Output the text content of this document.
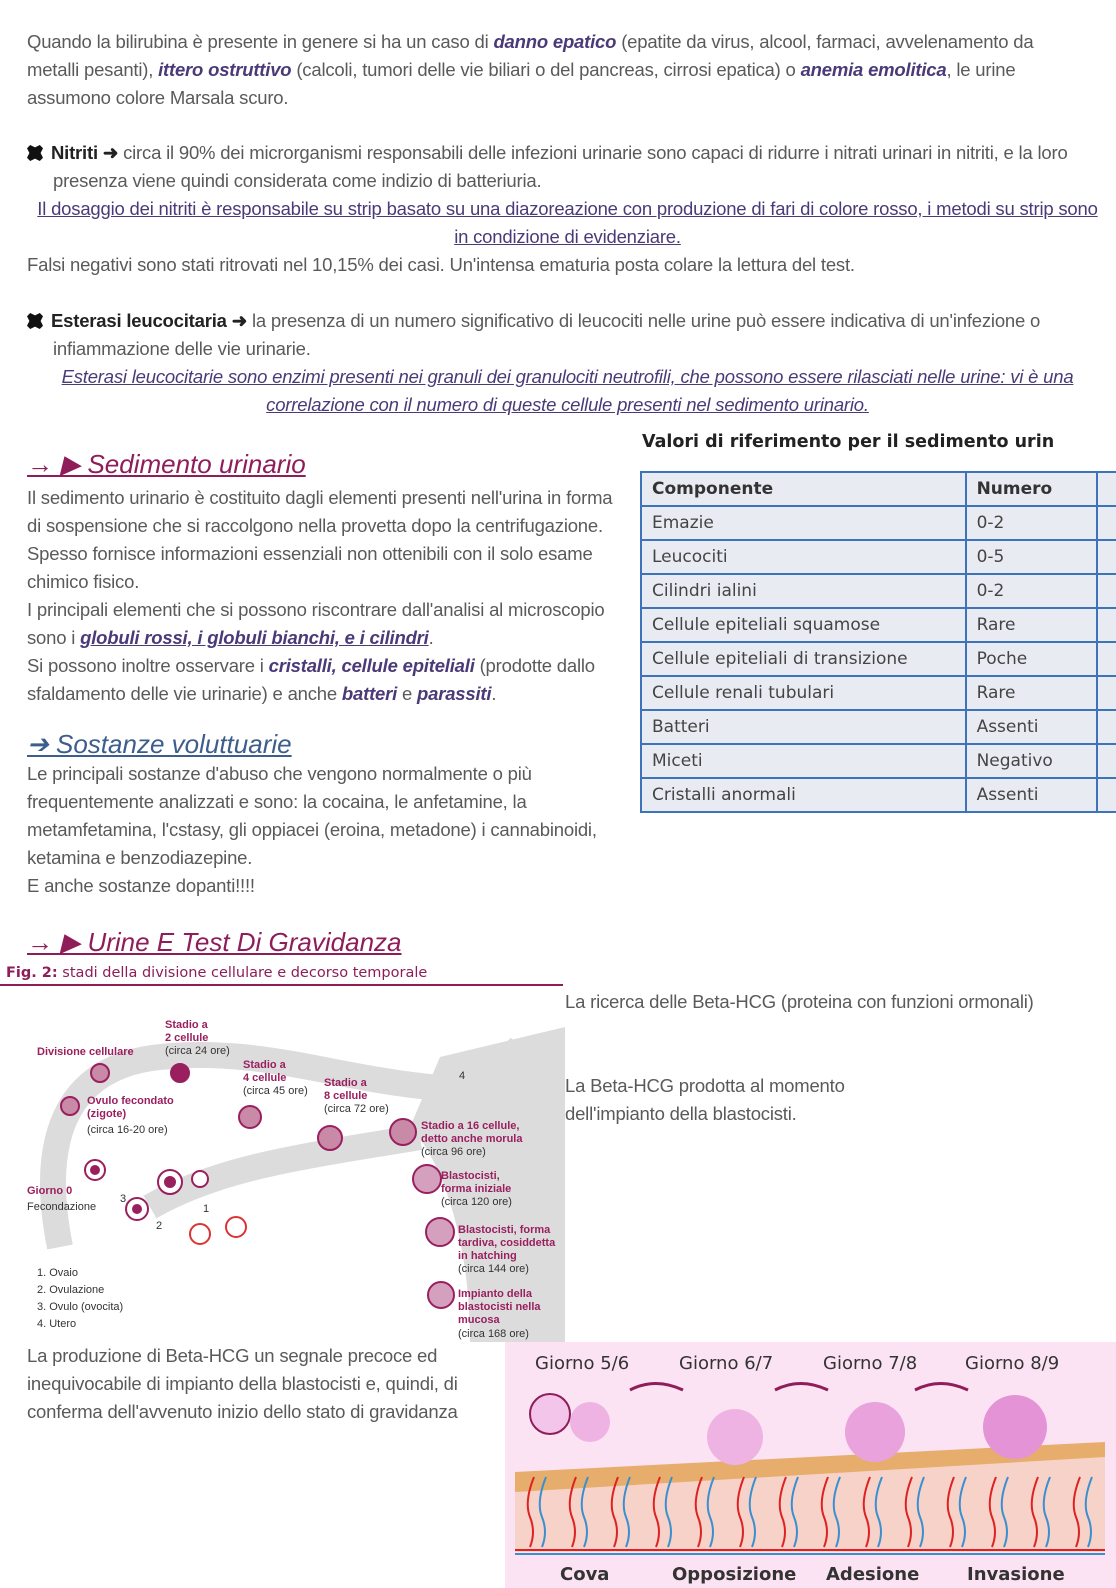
Quando la bilirubina è presente in genere si ha un caso di danno epatico (epatite da virus, alcool, farmaci, avvelenamento da metalli pesanti), ittero ostruttivo (calcoli, tumori delle vie biliari o del pancreas, cirrosi epatica) o anemia emolitica, le urine assumono colore Marsala scuro.
Nitriti ➜ circa il 90% dei microrganismi responsabili delle infezioni urinarie sono capaci di ridurre i nitrati urinari in nitriti, e la loro presenza viene quindi considerata come indizio di batteriuria.
Il dosaggio dei nitriti è responsabile su strip basato su una diazoreazione con produzione di fari di colore rosso, i metodi su strip sono in condizione di evidenziare.
Falsi negativi sono stati ritrovati nel 10,15% dei casi. Un'intensa ematuria posta colare la lettura del test.
Esterasi leucocitaria ➜ la presenza di un numero significativo di leucociti nelle urine può essere indicativa di un'infezione o infiammazione delle vie urinarie.
Esterasi leucocitarie sono enzimi presenti nei granuli dei granulociti neutrofili, che possono essere rilasciati nelle urine: vi è una correlazione con il numero di queste cellule presenti nel sedimento urinario.
Valori di riferimento per il sedimento urin
Componente	Numero	
Emazie	0-2	
Leucociti	0-5	
Cilindri ialini	0-2	
Cellule epiteliali squamose	Rare	
Cellule epiteliali di transizione	Poche	
Cellule renali tubulari	Rare	
Batteri	Assenti	
Miceti	Negativo	
Cristalli anormali	Assenti	
→ ▶ Sedimento urinario
Il sedimento urinario è costituito dagli elementi presenti nell'urina in forma di sospensione che si raccolgono nella provetta dopo la centrifugazione. Spesso fornisce informazioni essenziali non ottenibili con il solo esame chimico fisico.
I principali elementi che si possono riscontrare dall'analisi al microscopio sono i globuli rossi, i globuli bianchi, e i cilindri.
Si possono inoltre osservare i cristalli, cellule epiteliali (prodotte dallo sfaldamento delle vie urinarie) e anche batteri e parassiti.
➔ Sostanze voluttuarie
Le principali sostanze d'abuso che vengono normalmente o più frequentemente analizzati e sono: la cocaina, le anfetamine, la metamfetamina, l'cstasy, gli oppiacei (eroina, metadone) i cannabinoidi, ketamina e benzodiazepine.
E anche sostanze dopanti!!!!
→ ▶ Urine E Test Di Gravidanza
Fig. 2: stadi della divisione cellulare e decorso temporale
Divisione cellulare
Stadio a
2 cellule
(circa 24 ore)
Stadio a
4 cellule
(circa 45 ore)
Stadio a
8 cellule
(circa 72 ore)
4
Ovulo fecondato
(zigote)
(circa 16-20 ore)	Stadio a 16 cellule,
detto anche morula
(circa 96 ore)
Blastocisti,
forma iniziale
(circa 120 ore)
Blastocisti, forma
tardiva, cosiddetta
in hatching
(circa 144 ore)
Impianto della
blastocisti nella
mucosa
(circa 168 ore)
Giorno 0
Fecondazione	1
2
3
1. Ovaio
2. Ovulazione
3. Ovulo (ovocita)
4. Utero
La ricerca delle Beta-HCG (proteina con funzioni ormonali)
La Beta-HCG prodotta al momento dell'impianto della blastocisti.
La produzione di Beta-HCG un segnale precoce ed inequivocabile di impianto della blastocisti e, quindi, di conferma dell'avvenuto inizio dello stato di gravidanza
Giorno 5/6	Giorno 6/7	Giorno 7/8	Giorno 8/9
Cova	Opposizione Adesione	Invasione
